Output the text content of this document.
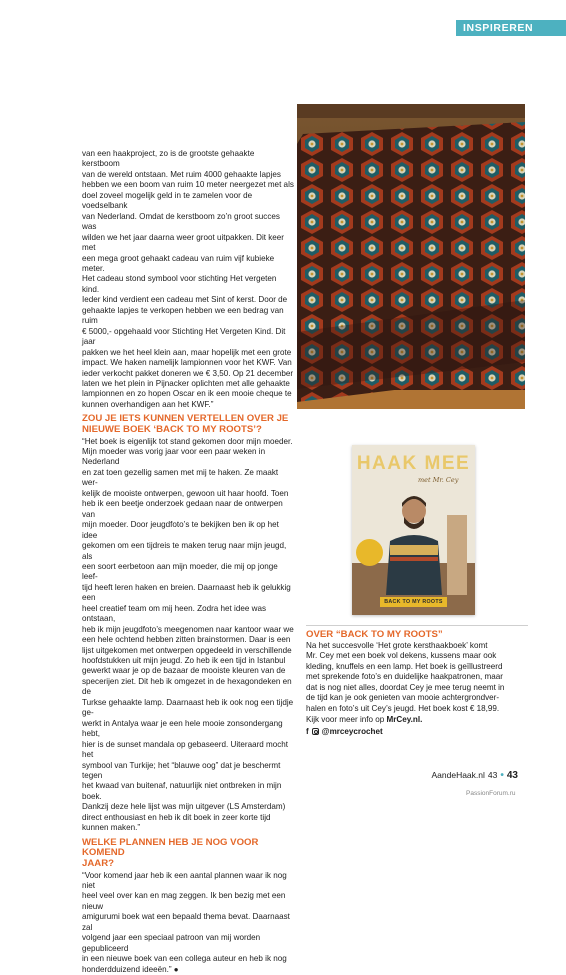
INSPIREREN

van een haakproject, zo is de grootste gehaakte kerstboom

van de wereld ontstaan. Met ruim 4000 gehaakte lapjes

hebben we een boom van ruim 10 meter neergezet met als

doel zoveel mogelijk geld in te zamelen voor de voedselbank

van Nederland. Omdat de kerstboom zo’n groot succes was

wilden we het jaar daarna weer groot uitpakken. Dit keer met

een mega groot gehaakt cadeau van ruim vijf kubieke meter.

Het cadeau stond symbool voor stichting Het vergeten kind.

Ieder kind verdient een cadeau met Sint of kerst. Door de

gehaakte lapjes te verkopen hebben we een bedrag van ruim

€ 5000,- opgehaald voor Stichting Het Vergeten Kind. Dit jaar

pakken we het heel klein aan, maar hopelijk met een grote

impact. We haken namelijk lampionnen voor het KWF. Van

ieder verkocht pakket doneren we € 3,50. Op 21 december

laten we het plein in Pijnacker oplichten met alle gehaakte

lampionnen en zo hopen Oscar en ik een mooie cheque te

kunnen overhandigen aan het KWF.”

ZOU JE IETS KUNNEN VERTELLEN OVER JE

NIEUWE BOEK ‘BACK TO MY ROOTS’?

“Het boek is eigenlijk tot stand gekomen door mijn moeder.

Mijn moeder was vorig jaar voor een paar weken in Nederland

en zat toen gezellig samen met mij te haken. Ze maakt wer-

kelijk de mooiste ontwerpen, gewoon uit haar hoofd. Toen

heb ik een beetje onderzoek gedaan naar de ontwerpen van

mijn moeder. Door jeugdfoto’s te bekijken ben ik op het idee

gekomen om een tijdreis te maken terug naar mijn jeugd, als

een soort eerbetoon aan mijn moeder, die mij op jonge leef-

tijd heeft leren haken en breien. Daarnaast heb ik gelukkig een

heel creatief team om mij heen. Zodra het idee was ontstaan,

heb ik mijn jeugdfoto’s meegenomen naar kantoor waar we

een hele ochtend hebben zitten brainstormen. Daar is een

lijst uitgekomen met ontwerpen opgedeeld in verschillende

hoofdstukken uit mijn jeugd. Zo heb ik een tijd in Istanbul

gewerkt waar je op de bazaar de mooiste kleuren van de

specerijen ziet. Dit heb ik omgezet in de hexagondeken en de

Turkse gehaakte lamp. Daarnaast heb ik ook nog een tijdje ge-

werkt in Antalya waar je een hele mooie zonsondergang hebt,

hier is de sunset mandala op gebaseerd. Uiteraard mocht het

symbool van Turkije; het “blauwe oog” dat je beschermt tegen

het kwaad van buitenaf, natuurlijk niet ontbreken in mijn boek.

Dankzij deze hele lijst was mijn uitgever (LS Amsterdam)

direct enthousiast en heb ik dit boek in zeer korte tijd

kunnen maken.”

WELKE PLANNEN HEB JE NOG VOOR KOMEND

JAAR?

“Voor komend jaar heb ik een aantal plannen waar ik nog niet

heel veel over kan en mag zeggen. Ik ben bezig met een nieuw

amigurumi boek wat een bepaald thema bevat. Daarnaast zal

volgend jaar een speciaal patroon van mij worden gepubliceerd

in een nieuwe boek van een collega auteur en heb ik nog

honderdduizend ideeën.” ●

HAAK MEE
met Mr. Cey
BACK TO MY ROOTS
OVER “BACK TO MY ROOTS”

Na het succesvolle ‘Het grote kersthaakboek’ komt

Mr. Cey met een boek vol dekens, kussens maar ook

kleding, knuffels en een lamp. Het boek is geïllustreerd

met sprekende foto’s en duidelijke haakpatronen, maar

dat is nog niet alles, doordat Cey je mee terug neemt in

de tijd kan je ook genieten van mooie achtergrondver-

halen en foto’s uit Cey’s jeugd. Het boek kost € 18,99.

Kijk voor meer info op MrCey.nl.
f @mrceycrochet
AandeHaak.nl 43 • 43
PassionForum.ru
